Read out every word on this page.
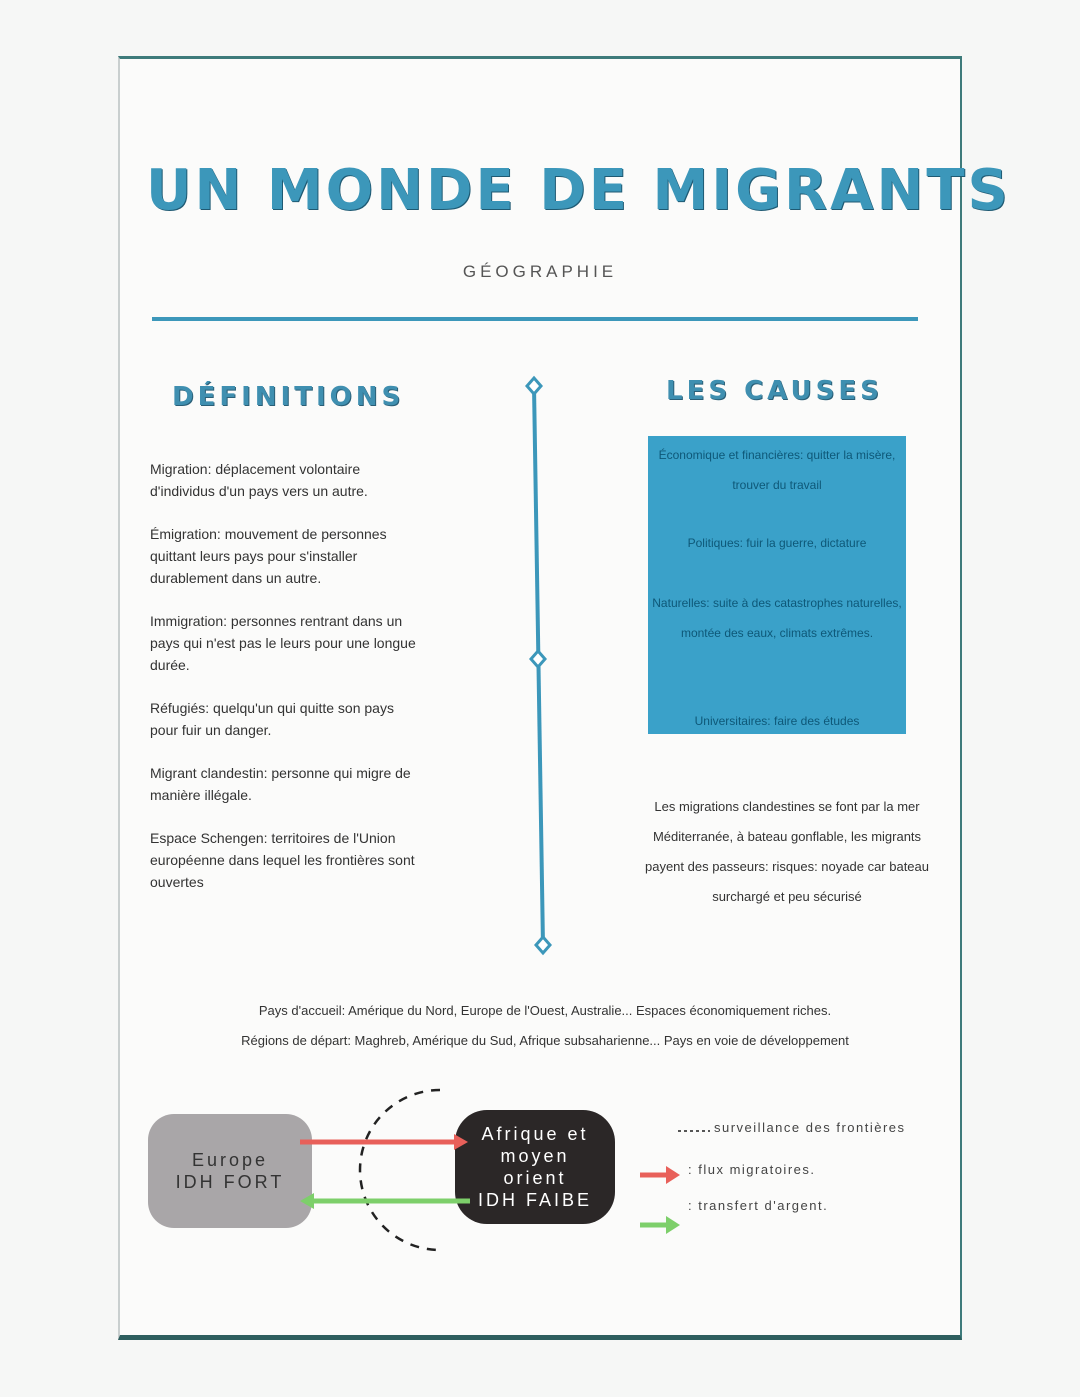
UN MONDE DE MIGRANTS
GÉOGRAPHIE
DÉFINITIONS
Migration: déplacement volontaire d'individus d'un pays vers un autre.
Émigration: mouvement de personnes quittant leurs pays pour s'installer durablement dans un autre.
Immigration: personnes rentrant dans un pays qui n'est pas le leurs pour une longue durée.
Réfugiés: quelqu'un qui quitte son pays pour fuir un danger.
Migrant clandestin: personne qui migre de manière illégale.
Espace Schengen: territoires de l'Union européenne dans lequel les frontières sont ouvertes
LES CAUSES
Économique et financières: quitter la misère, trouver du travail
Politiques: fuir la guerre, dictature
Naturelles: suite à des catastrophes naturelles, montée des eaux, climats extrêmes.
Universitaires: faire des études
Les migrations clandestines se font par la mer Méditerranée, à bateau gonflable, les migrants payent des passeurs: risques: noyade car bateau surchargé et peu sécurisé
Pays d'accueil: Amérique du Nord, Europe de l'Ouest, Australie... Espaces économiquement riches.
Régions de départ: Maghreb, Amérique du Sud, Afrique subsaharienne... Pays en voie de développement
Europe
IDH FORT
Afrique et
moyen
orient
IDH FAIBE
surveillance des frontières
: flux migratoires.
: transfert d'argent.
